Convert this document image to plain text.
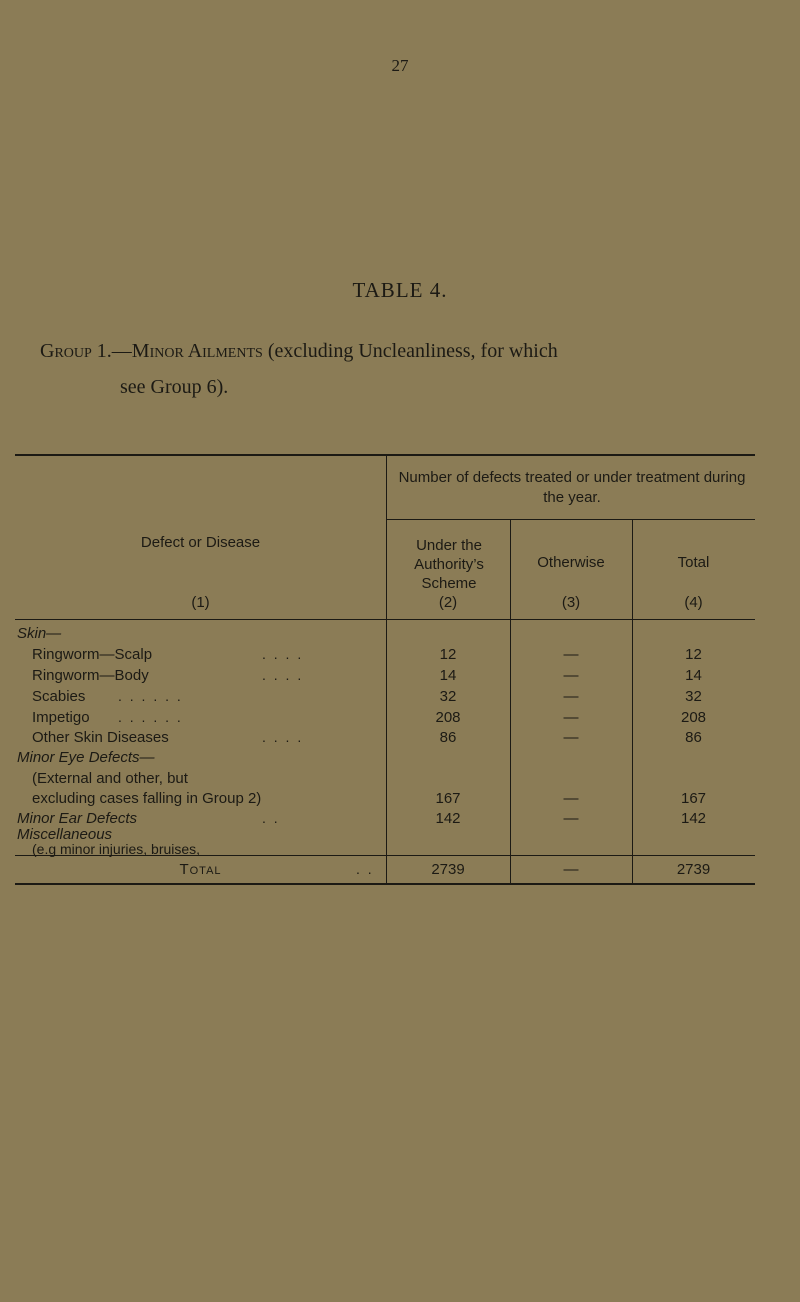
27
TABLE 4.
Group 1.—Minor Ailments (excluding Uncleanliness, for which
see Group 6).
Defect or Disease
(1)
Number of defects treated or under treatment during the year.
Under the Authority’s Scheme
(2)
Otherwise
(3)
Total
(4)
Skin—
Ringworm—Scalp	. . . .	12	—	12
Ringworm—Body	. . . .	14	—	14
Scabies . . . . . .	32	—	32
Impetigo . . . . . .	208	—	208
Other Skin Diseases	. . . .	86	—	86
Minor Eye Defects—
(External and other, but
excluding cases falling in Group 2)	167	—	167
Minor Ear Defects	. .	142	—	142
Miscellaneous
Total	. .	2739	—	2739
(e.g minor injuries, bruises,
